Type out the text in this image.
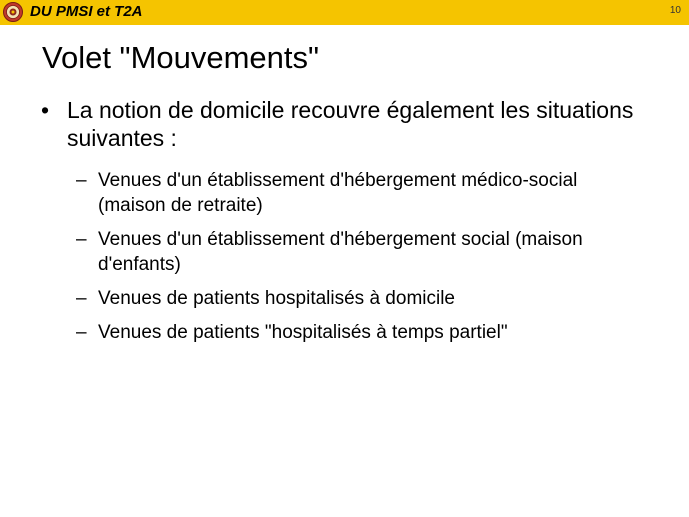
DU PMSI et T2A	10
Volet "Mouvements"
• La notion de domicile recouvre également les situations suivantes :
– Venues d'un établissement d'hébergement médico-social (maison de retraite)
– Venues d'un établissement d'hébergement social (maison d'enfants)
– Venues de patients hospitalisés à domicile
– Venues de patients "hospitalisés à temps partiel"
